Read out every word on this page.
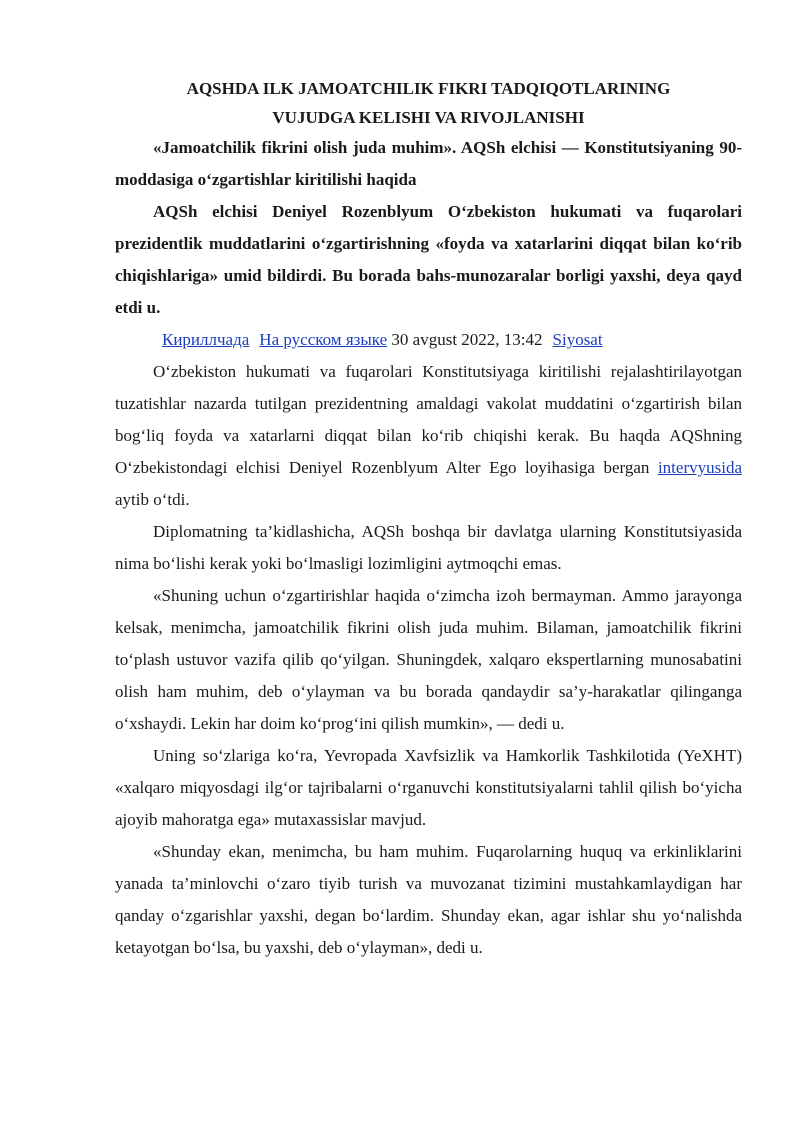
AQSHDA ILK JAMOATCHILIK FIKRI TADQIQOTLARINING
VUJUDGA KELISHI VA RIVOJLANISHI

«Jamoatchilik fikrini olish juda muhim». AQSh elchisi — Konstitutsiyaning 90-moddasiga o‘zgartishlar kiritilishi haqida

AQSh elchisi Deniyel Rozenblyum O‘zbekiston hukumati va fuqarolari prezidentlik muddatlarini o‘zgartirishning «foyda va xatarlarini diqqat bilan ko‘rib chiqishlariga» umid bildirdi. Bu borada bahs-munozaralar borligi yaxshi, deya qayd etdi u.

Кириллчада На русском языке 30 avgust 2022, 13:42 Siyosat

O‘zbekiston hukumati va fuqarolari Konstitutsiyaga kiritilishi rejalashtirilayotgan tuzatishlar nazarda tutilgan prezidentning amaldagi vakolat muddatini o‘zgartirish bilan bog‘liq foyda va xatarlarni diqqat bilan ko‘rib chiqishi kerak. Bu haqda AQShning O‘zbekistondagi elchisi Deniyel Rozenblyum Alter Ego loyihasiga bergan intervyusida aytib o‘tdi.

Diplomatning ta’kidlashicha, AQSh boshqa bir davlatga ularning Konstitutsiyasida nima bo‘lishi kerak yoki bo‘lmasligi lozimligini aytmoqchi emas.

«Shuning uchun o‘zgartirishlar haqida o‘zimcha izoh bermayman. Ammo jarayonga kelsak, menimcha, jamoatchilik fikrini olish juda muhim. Bilaman, jamoatchilik fikrini to‘plash ustuvor vazifa qilib qo‘yilgan. Shuningdek, xalqaro ekspertlarning munosabatini olish ham muhim, deb o‘ylayman va bu borada qandaydir sa’y-harakatlar qilinganga o‘xshaydi. Lekin har doim ko‘prog‘ini qilish mumkin», — dedi u.

Uning so‘zlariga ko‘ra, Yevropada Xavfsizlik va Hamkorlik Tashkilotida (YeXHT) «xalqaro miqyosdagi ilg‘or tajribalarni o‘rganuvchi konstitutsiyalarni tahlil qilish bo‘yicha ajoyib mahoratga ega» mutaxassislar mavjud.

«Shunday ekan, menimcha, bu ham muhim. Fuqarolarning huquq va erkinliklarini yanada ta’minlovchi o‘zaro tiyib turish va muvozanat tizimini mustahkamlaydigan har qanday o‘zgarishlar yaxshi, degan bo‘lardim. Shunday ekan, agar ishlar shu yo‘nalishda ketayotgan bo‘lsa, bu yaxshi, deb o‘ylayman», dedi u.
